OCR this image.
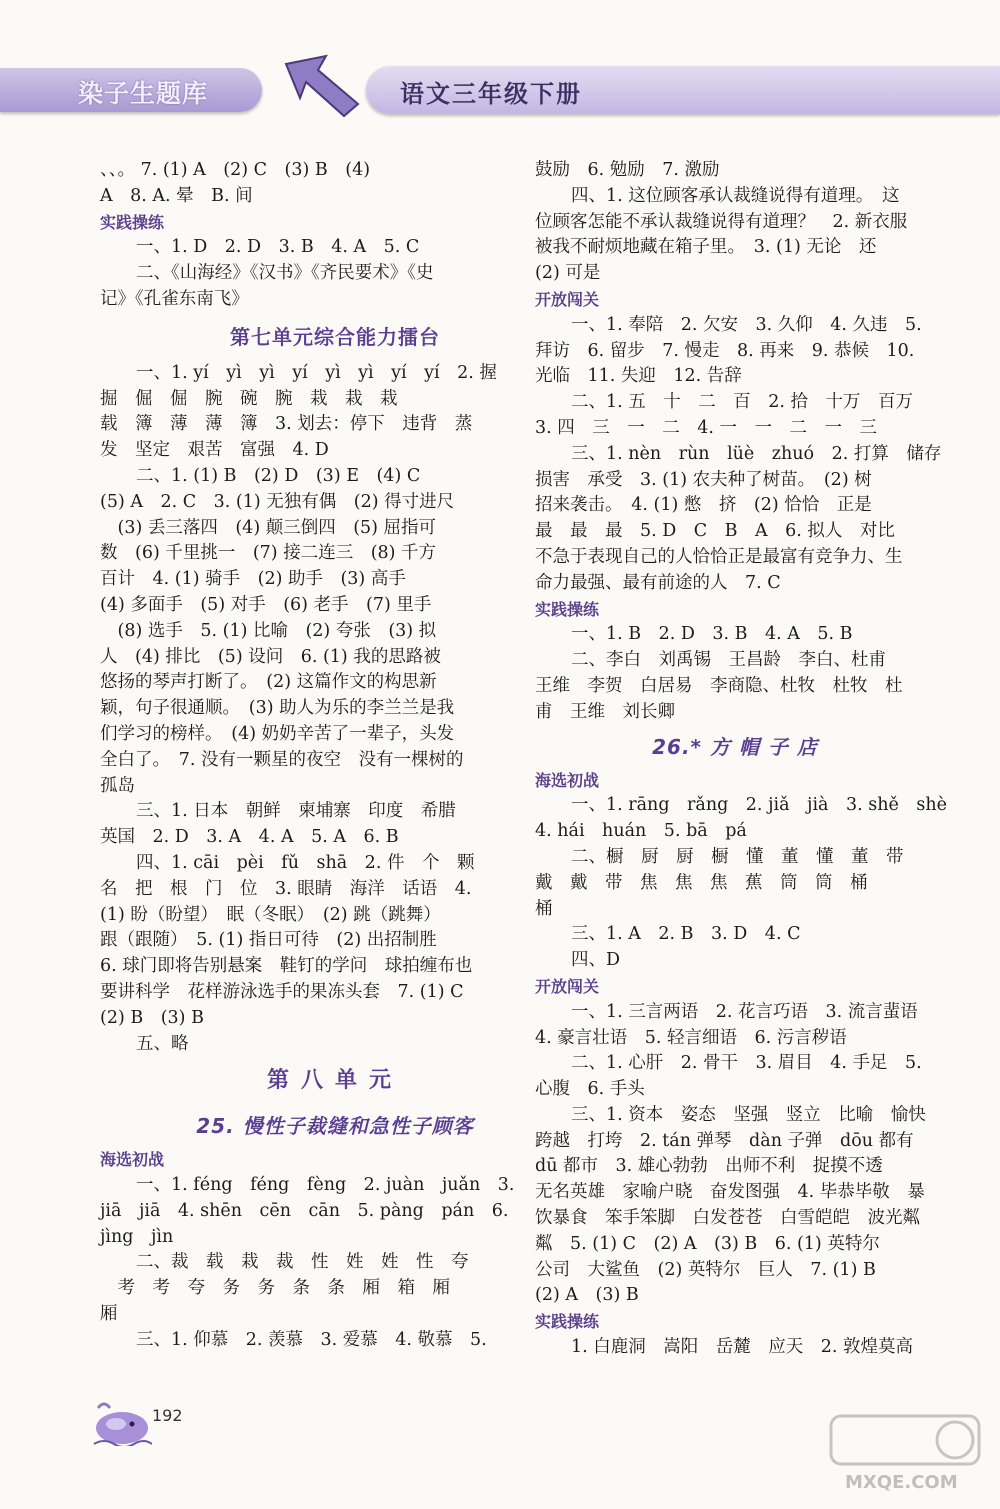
染子生题库	语文三年级下册
、、。 7. (1) A　(2) C　(3) B　(4)
A　8. A. 晕　B. 间
实践操练
一、1. D　2. D　3. B　4. A　5. C
二、《山海经》《汉书》《齐民要术》《史
记》《孔雀东南飞》
第七单元综合能力擂台
一、1. yí　yì　yì　yí　yì　yì　yí　yí　2. 握
掘　倔　倔　腕　碗　腕　栽　栽　栽
载　簿　薄　薄　簿　3. 划去：停下　违背　蒸
发　坚定　艰苦　富强　4. D
二、1. (1) B　(2) D　(3) E　(4) C
(5) A　2. C　3. (1) 无独有偶　(2) 得寸进尺
　(3) 丢三落四　(4) 颠三倒四　(5) 屈指可
数　(6) 千里挑一　(7) 接二连三　(8) 千方
百计　4. (1) 骑手　(2) 助手　(3) 高手
(4) 多面手　(5) 对手　(6) 老手　(7) 里手
　(8) 选手　5. (1) 比喻　(2) 夸张　(3) 拟
人　(4) 排比　(5) 设问　6. (1) 我的思路被
悠扬的琴声打断了。　(2) 这篇作文的构思新
颖，句子很通顺。　(3) 助人为乐的李兰兰是我
们学习的榜样。　(4) 奶奶辛苦了一辈子，头发
全白了。　7. 没有一颗星的夜空　没有一棵树的
孤岛
三、1. 日本　朝鲜　柬埔寨　印度　希腊
英国　2. D　3. A　4. A　5. A　6. B
四、1. cāi　pèi　fǔ　shā　2. 件　个　颗
名　把　根　门　位　3. 眼睛　海洋　话语　4.
(1) 盼（盼望）　眠（冬眠）　(2) 跳（跳舞）
跟（跟随）　5. (1) 指日可待　(2) 出招制胜
6. 球门即将告别悬案　鞋钉的学问　球拍缠布也
要讲科学　花样游泳选手的果冻头套　7. (1) C
(2) B　(3) B
五、略
第八单元
25. 慢性子裁缝和急性子顾客
海选初战
一、1. féng　féng　fèng　2. juàn　juǎn　3.
jiā　jiā　4. shēn　cēn　cān　5. pàng　pán　6.
jìng　jìn
二、裁　载　栽　裁　性　姓　姓　性　夸
　考　考　夸　务　务　条　条　厢　箱　厢
厢
三、1. 仰慕　2. 羡慕　3. 爱慕　4. 敬慕　5.
鼓励　6. 勉励　7. 激励
四、1. 这位顾客承认裁缝说得有道理。　这
位顾客怎能不承认裁缝说得有道理？　2. 新衣服
被我不耐烦地藏在箱子里。　3. (1) 无论　还
(2) 可是
开放闯关
一、1. 奉陪　2. 欠安　3. 久仰　4. 久违　5.
拜访　6. 留步　7. 慢走　8. 再来　9. 恭候　10.
光临　11. 失迎　12. 告辞
二、1. 五　十　二　百　2. 拾　十万　百万
3. 四　三　一　二　4. 一　一　二　一　三
三、1. nèn　rùn　lüè　zhuó　2. 打算　储存
损害　承受　3. (1) 农夫种了树苗。　(2) 树
招来袭击。　4. (1) 憋　挤　(2) 恰恰　正是
最　最　最　5. D　C　B　A　6. 拟人　对比
不急于表现自己的人恰恰正是最富有竞争力、生
命力最强、最有前途的人　7. C
实践操练
一、1. B　2. D　3. B　4. A　5. B
二、李白　刘禹锡　王昌龄　李白、杜甫
王维　李贺　白居易　李商隐、杜牧　杜牧　杜
甫　王维　刘长卿
26.* 方 帽 子 店
海选初战
一、1. rāng　rǎng　2. jiǎ　jià　3. shě　shè
4. hái　huán　5. bā　pá
二、橱　厨　厨　橱　懂　董　懂　董　带
戴　戴　带　焦　焦　焦　蕉　筒　筒　桶
桶
三、1. A　2. B　3. D　4. C
四、D
开放闯关
一、1. 三言两语　2. 花言巧语　3. 流言蜚语
4. 豪言壮语　5. 轻言细语　6. 污言秽语
二、1. 心肝　2. 骨干　3. 眉目　4. 手足　5.
心腹　6. 手头
三、1. 资本　姿态　坚强　竖立　比喻　愉快
跨越　打垮　2. tán 弹琴　dàn 子弹　dōu 都有
dū 都市　3. 雄心勃勃　出师不利　捉摸不透
无名英雄　家喻户晓　奋发图强　4. 毕恭毕敬　暴
饮暴食　笨手笨脚　白发苍苍　白雪皑皑　波光粼
粼　5. (1) C　(2) A　(3) B　6. (1) 英特尔
公司　大鲨鱼　(2) 英特尔　巨人　7. (1) B
(2) A　(3) B
实践操练
1. 白鹿洞　嵩阳　岳麓　应天　2. 敦煌莫高
192
MXQE.COM
